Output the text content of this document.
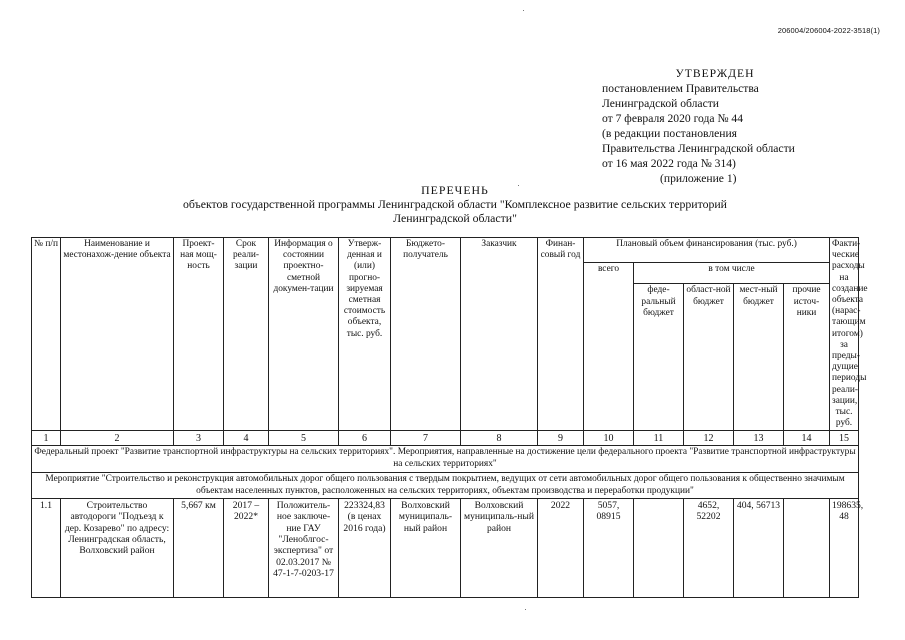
206004/206004-2022-3518(1)
УТВЕРЖДЕН
постановлением Правительства
Ленинградской области
от 7 февраля 2020 года № 44
(в редакции постановления
Правительства Ленинградской области
от 16 мая 2022 года № 314)
(приложение 1)
ПЕРЕЧЕНЬ
объектов государственной программы Ленинградской области "Комплексное развитие сельских территорий
Ленинградской области"
№ п/п	Наименование и местонахож-дение объекта	Проект-ная мощ-ность	Срок реали-зации	Информация о состоянии проектно-сметной докумен-тации	Утверж-денная и (или) прогно-зируемая сметная стоимость объекта, тыс. руб.	Бюджето-получатель	Заказчик	Финан-совый год	Плановый объем финансирования (тыс. руб.)					Факти-ческие расходы на создание объекта (нарас-тающим итогом) за преды-дущие периоды реали-зации, тыс. руб.
									всего	в том числе				
										феде-ральный бюджет	област-ной бюджет	мест-ный бюджет	прочие источ-ники	
1	2	3	4	5	6	7	8	9	10	11	12	13	14	15
Федеральный проект "Развитие транспортной инфраструктуры на сельских территориях". Мероприятия, направленные на достижение цели федерального проекта "Развитие транспортной инфраструктуры на сельских территориях"														
Мероприятие "Строительство и реконструкция автомобильных дорог общего пользования с твердым покрытием, ведущих от сети автомобильных дорог общего пользования к общественно значимым объектам населенных пунктов, расположенных на сельских территориях, объектам производства и переработки продукции"														
1.1	Строительство автодороги "Подъезд к дер. Козарево" по адресу: Ленинградская область, Волховский район	5,667 км	2017 – 2022*	Положитель-ное заключе-ние ГАУ "Леноблгос-экспертиза" от 02.03.2017 № 47-1-7-0203-17	223324,83 (в ценах 2016 года)	Волховский муниципаль-ный район	Волховский муниципаль-ный район	2022	5057, 08915		4652, 52202	404, 56713		198635, 48
